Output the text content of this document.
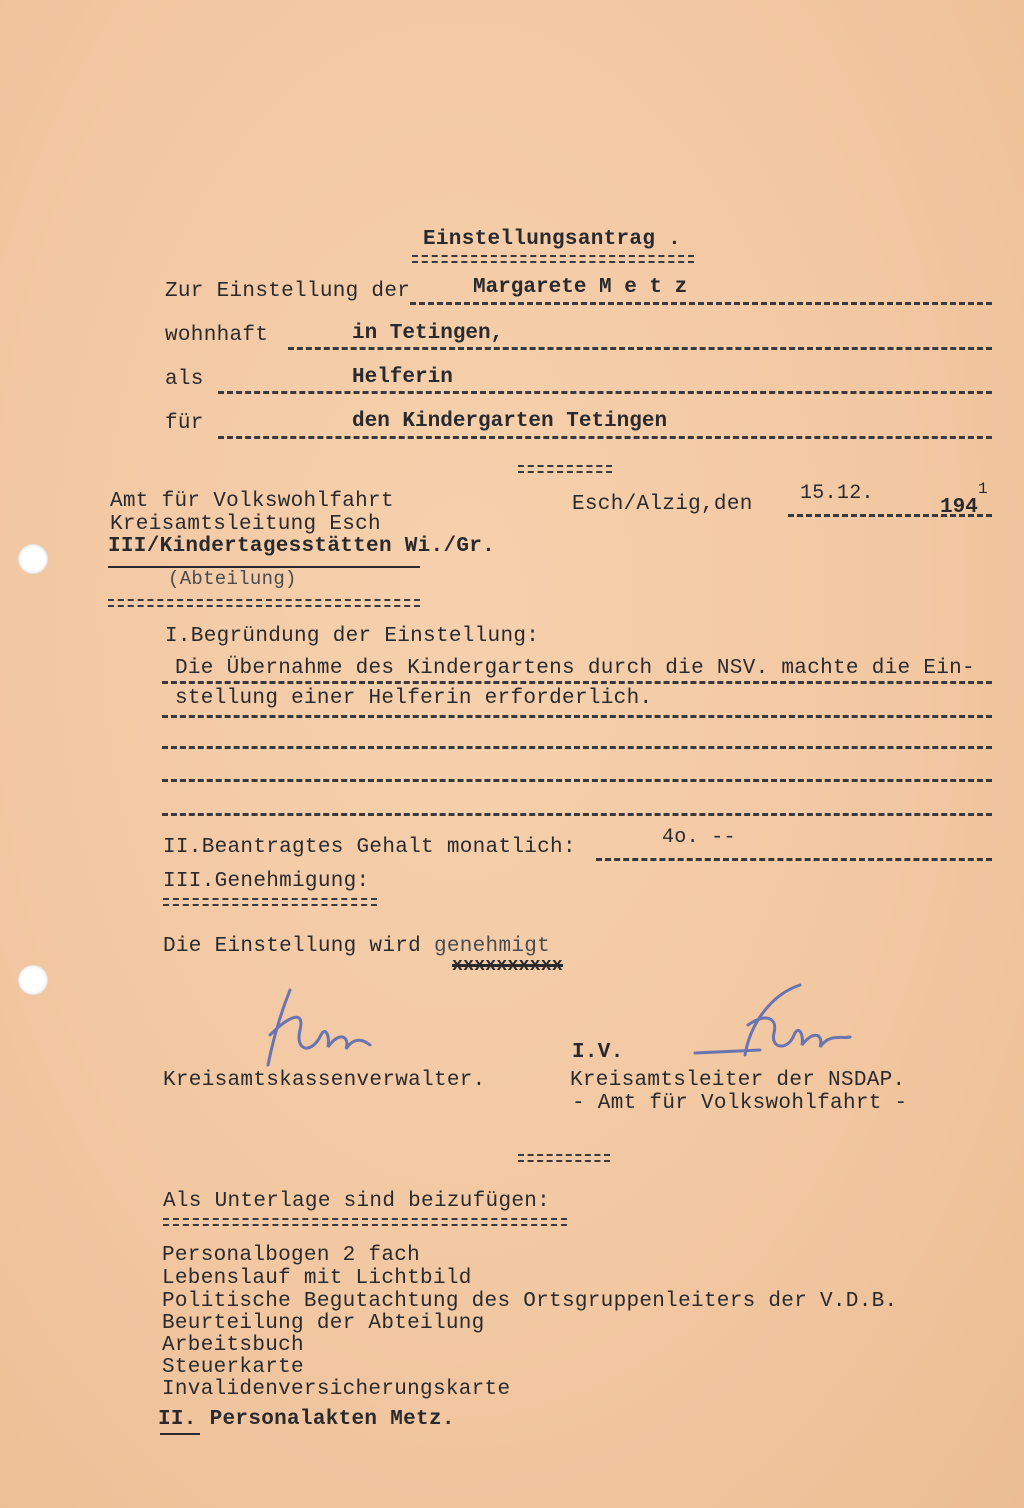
Einstellungsantrag .
Zur Einstellung der	Margarete M e t z
wohnhaft	in Tetingen,
als	Helferin
für	den Kindergarten Tetingen
Amt für Volkswohlfahrt
Kreisamtsleitung Esch
III/Kindertagesstätten Wi./Gr.
(Abteilung)
Esch/Alzig,den 15.12.
194
1
I.Begründung der Einstellung:
Die Übernahme des Kindergartens durch die NSV. machte die Ein-
stellung einer Helferin erforderlich.
II.Beantragtes Gehalt monatlich:	4o. --
III.Genehmigung:
Die Einstellung wird genehmigt
xxxxxxxxxx
Kreisamtskassenverwalter.
I.V.
Kreisamtsleiter der NSDAP.
- Amt für Volkswohlfahrt -
Als Unterlage sind beizufügen:
Personalbogen 2 fach
Lebenslauf mit Lichtbild
Politische Begutachtung des Ortsgruppenleiters der V.D.B.
Beurteilung der Abteilung
Arbeitsbuch
Steuerkarte
Invalidenversicherungskarte
II. Personalakten Metz.
